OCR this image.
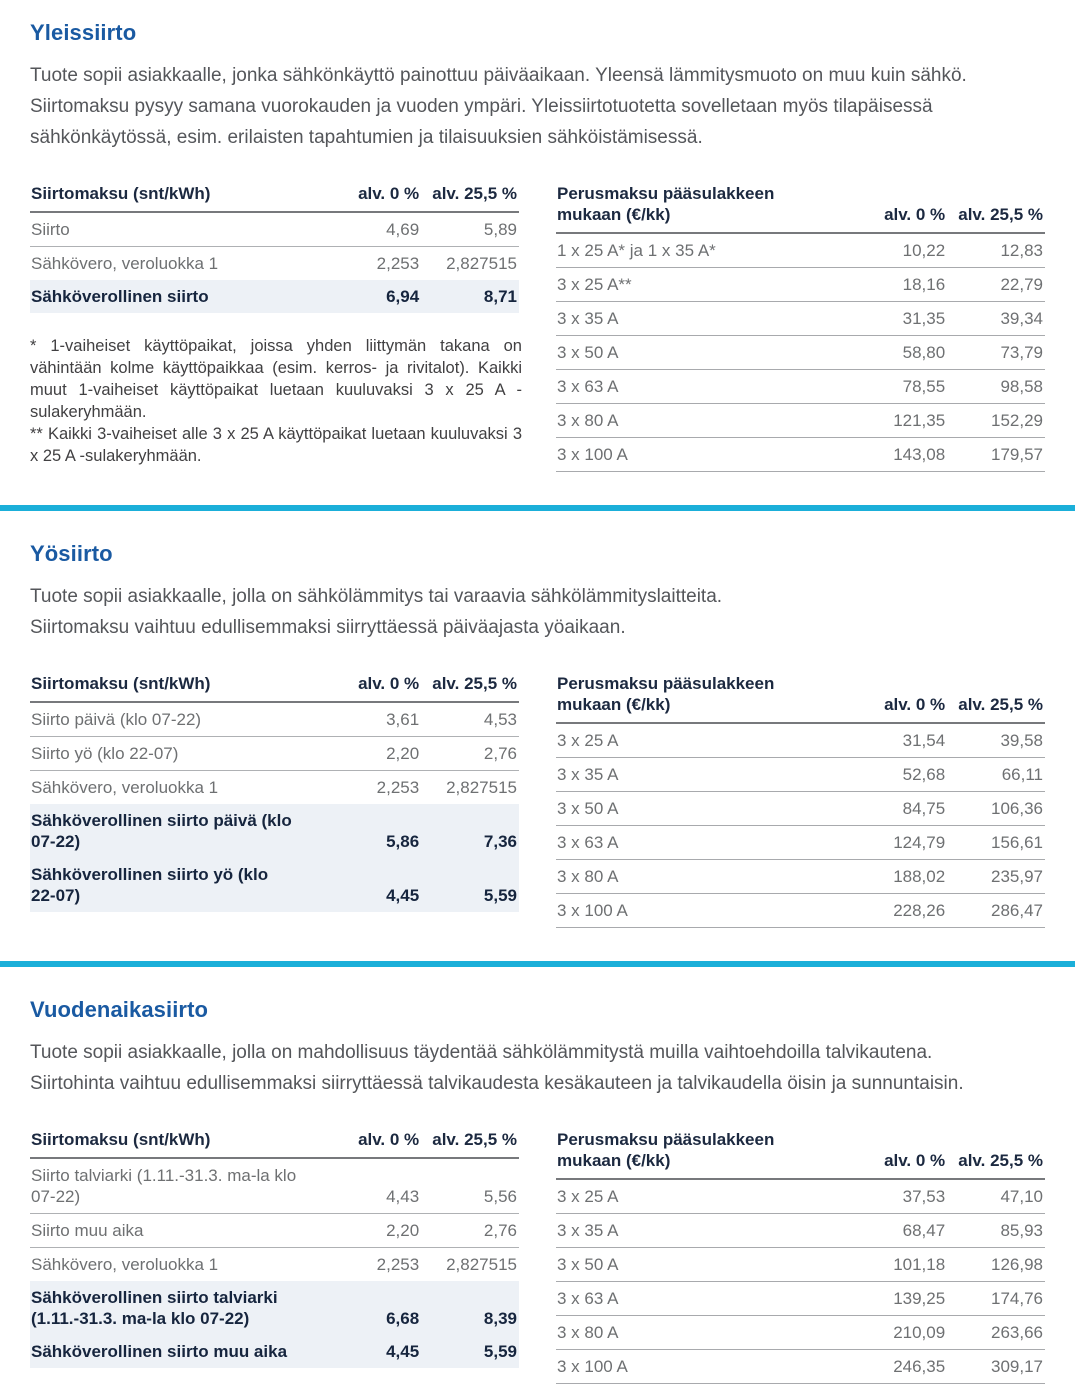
Yleissiirto

Tuote sopii asiakkaalle, jonka sähkönkäyttö painottuu päiväaikaan. Yleensä lämmitysmuoto on muu kuin sähkö.

Siirtomaksu pysyy samana vuorokauden ja vuoden ympäri. Yleissiirtotuotetta sovelletaan myös tilapäisessä sähkönkäytössä, esim. erilaisten tapahtumien ja tilaisuuksien sähköistämisessä.

Siirtomaksu (snt/kWh)	alv. 0 %	alv. 25,5 %
Siirto	4,69	5,89
Sähkövero, veroluokka 1	2,253	2,827515
Sähköverollinen siirto	6,94	8,71
* 1-vaiheiset käyttöpaikat, joissa yhden liittymän takana on vähintään kolme käyttöpaikkaa (esim. kerros- ja rivitalot). Kaikki muut 1-vaiheiset käyttöpaikat luetaan kuuluvaksi 3 x 25 A -sulakeryhmään.
** Kaikki 3-vaiheiset alle 3 x 25 A käyttöpaikat luetaan kuuluvaksi 3 x 25 A -sulakeryhmään.
Perusmaksu pääsulakkeen mukaan (€/kk)	alv. 0 %	alv. 25,5 %
1 x 25 A* ja 1 x 35 A*	10,22	12,83
3 x 25 A**	18,16	22,79
3 x 35 A	31,35	39,34
3 x 50 A	58,80	73,79
3 x 63 A	78,55	98,58
3 x 80 A	121,35	152,29
3 x 100 A	143,08	179,57
Yösiirto

Tuote sopii asiakkaalle, jolla on sähkölämmitys tai varaavia sähkölämmityslaitteita.

Siirtomaksu vaihtuu edullisemmaksi siirryttäessä päiväajasta yöaikaan.

Siirtomaksu (snt/kWh)	alv. 0 %	alv. 25,5 %
Siirto päivä (klo 07-22)	3,61	4,53
Siirto yö (klo 22-07)	2,20	2,76
Sähkövero, veroluokka 1	2,253	2,827515
Sähköverollinen siirto päivä (klo 07-22)	5,86	7,36
Sähköverollinen siirto yö (klo 22-07)	4,45	5,59
Perusmaksu pääsulakkeen mukaan (€/kk)	alv. 0 %	alv. 25,5 %
3 x 25 A	31,54	39,58
3 x 35 A	52,68	66,11
3 x 50 A	84,75	106,36
3 x 63 A	124,79	156,61
3 x 80 A	188,02	235,97
3 x 100 A	228,26	286,47
Vuodenaikasiirto

Tuote sopii asiakkaalle, jolla on mahdollisuus täydentää sähkölämmitystä muilla vaihtoehdoilla talvikautena.

Siirtohinta vaihtuu edullisemmaksi siirryttäessä talvikaudesta kesäkauteen ja talvikaudella öisin ja sunnuntaisin.

Siirtomaksu (snt/kWh)	alv. 0 %	alv. 25,5 %
Siirto talviarki (1.11.-31.3. ma-la klo 07-22)	4,43	5,56
Siirto muu aika	2,20	2,76
Sähkövero, veroluokka 1	2,253	2,827515
Sähköverollinen siirto talviarki (1.11.-31.3. ma-la klo 07-22)	6,68	8,39
Sähköverollinen siirto muu aika	4,45	5,59
Perusmaksu pääsulakkeen mukaan (€/kk)	alv. 0 %	alv. 25,5 %
3 x 25 A	37,53	47,10
3 x 35 A	68,47	85,93
3 x 50 A	101,18	126,98
3 x 63 A	139,25	174,76
3 x 80 A	210,09	263,66
3 x 100 A	246,35	309,17
